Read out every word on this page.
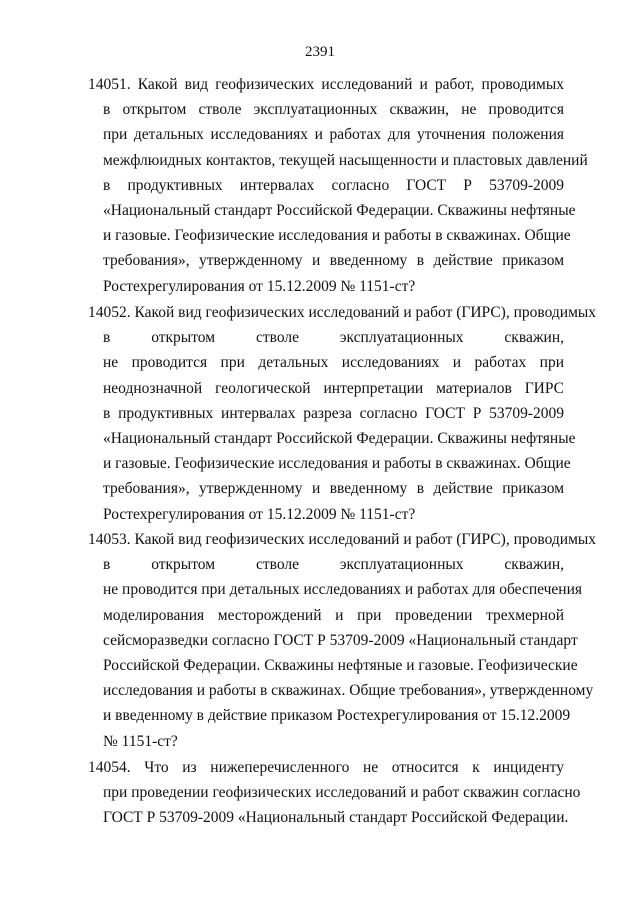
2391
14051. Какой вид геофизических исследований и работ, проводимых
в открытом стволе эксплуатационных скважин, не проводится
при детальных исследованиях и работах для уточнения положения
межфлюидных контактов, текущей насыщенности и пластовых давлений
в продуктивных интервалах согласно ГОСТ Р 53709-2009
«Национальный стандарт Российской Федерации. Скважины нефтяные
и газовые. Геофизические исследования и работы в скважинах. Общие
требования», утвержденному и введенному в действие приказом
Ростехрегулирования от 15.12.2009 № 1151-ст?
14052. Какой вид геофизических исследований и работ (ГИРС), проводимых
в открытом стволе эксплуатационных скважин,
не проводится при детальных исследованиях и работах при
неоднозначной геологической интерпретации материалов ГИРС
в продуктивных интервалах разреза согласно ГОСТ Р 53709-2009
«Национальный стандарт Российской Федерации. Скважины нефтяные
и газовые. Геофизические исследования и работы в скважинах. Общие
требования», утвержденному и введенному в действие приказом
Ростехрегулирования от 15.12.2009 № 1151-ст?
14053. Какой вид геофизических исследований и работ (ГИРС), проводимых
в открытом стволе эксплуатационных скважин,
не проводится при детальных исследованиях и работах для обеспечения
моделирования месторождений и при проведении трехмерной
сейсморазведки согласно ГОСТ Р 53709-2009 «Национальный стандарт
Российской Федерации. Скважины нефтяные и газовые. Геофизические
исследования и работы в скважинах. Общие требования», утвержденному
и введенному в действие приказом Ростехрегулирования от 15.12.2009
№ 1151-ст?
14054. Что из нижеперечисленного не относится к инциденту
при проведении геофизических исследований и работ скважин согласно
ГОСТ Р 53709-2009 «Национальный стандарт Российской Федерации.
